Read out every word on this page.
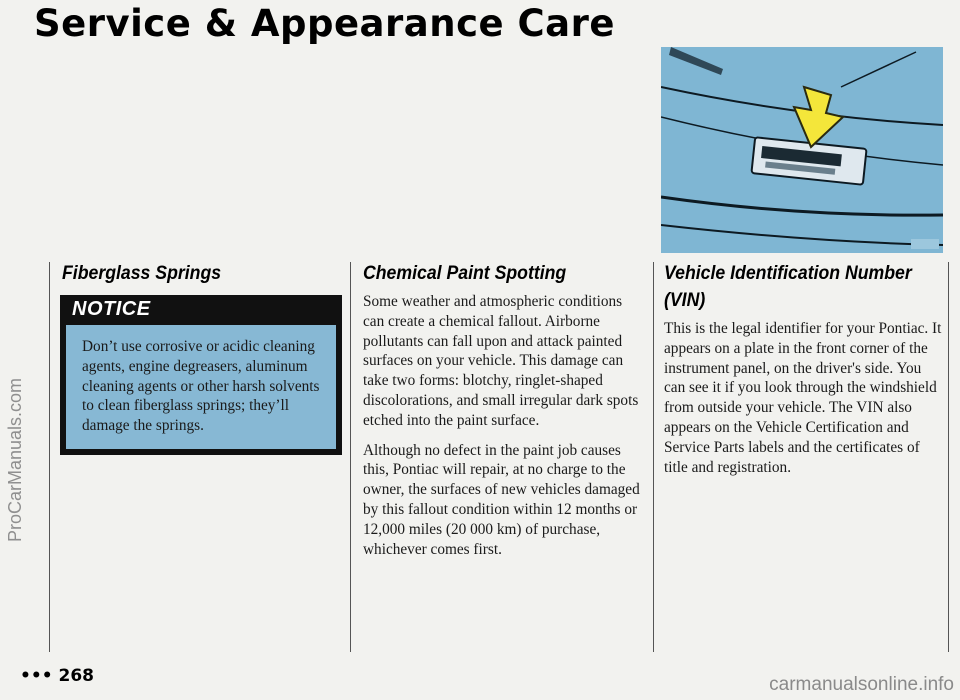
Service & Appearance Care
ProCarManuals.com
Fiberglass Springs
NOTICE
Don’t use corrosive or acidic cleaning agents, engine degreasers, aluminum cleaning agents or other harsh solvents to clean fiberglass springs; they’ll damage the springs.
Chemical Paint Spotting

Some weather and atmospheric conditions can create a chemical fallout. Airborne pollutants can fall upon and attack painted surfaces on your vehicle. This damage can take two forms: blotchy, ringlet-shaped discolorations, and small irregular dark spots etched into the paint surface.

Although no defect in the paint job causes this, Pontiac will repair, at no charge to the owner, the surfaces of new vehicles damaged by this fallout condition within 12 months or 12,000 miles (20 000 km) of purchase, whichever comes first.

Vehicle Identification Number (VIN)
This is the legal identifier for your Pontiac. It appears on a plate in the front corner of the instrument panel, on the driver's side. You can see it if you look through the windshield from outside your vehicle. The VIN also appears on the Vehicle Certification and Service Parts labels and the certificates of title and registration.
••• 268	carmanualsonline.info
